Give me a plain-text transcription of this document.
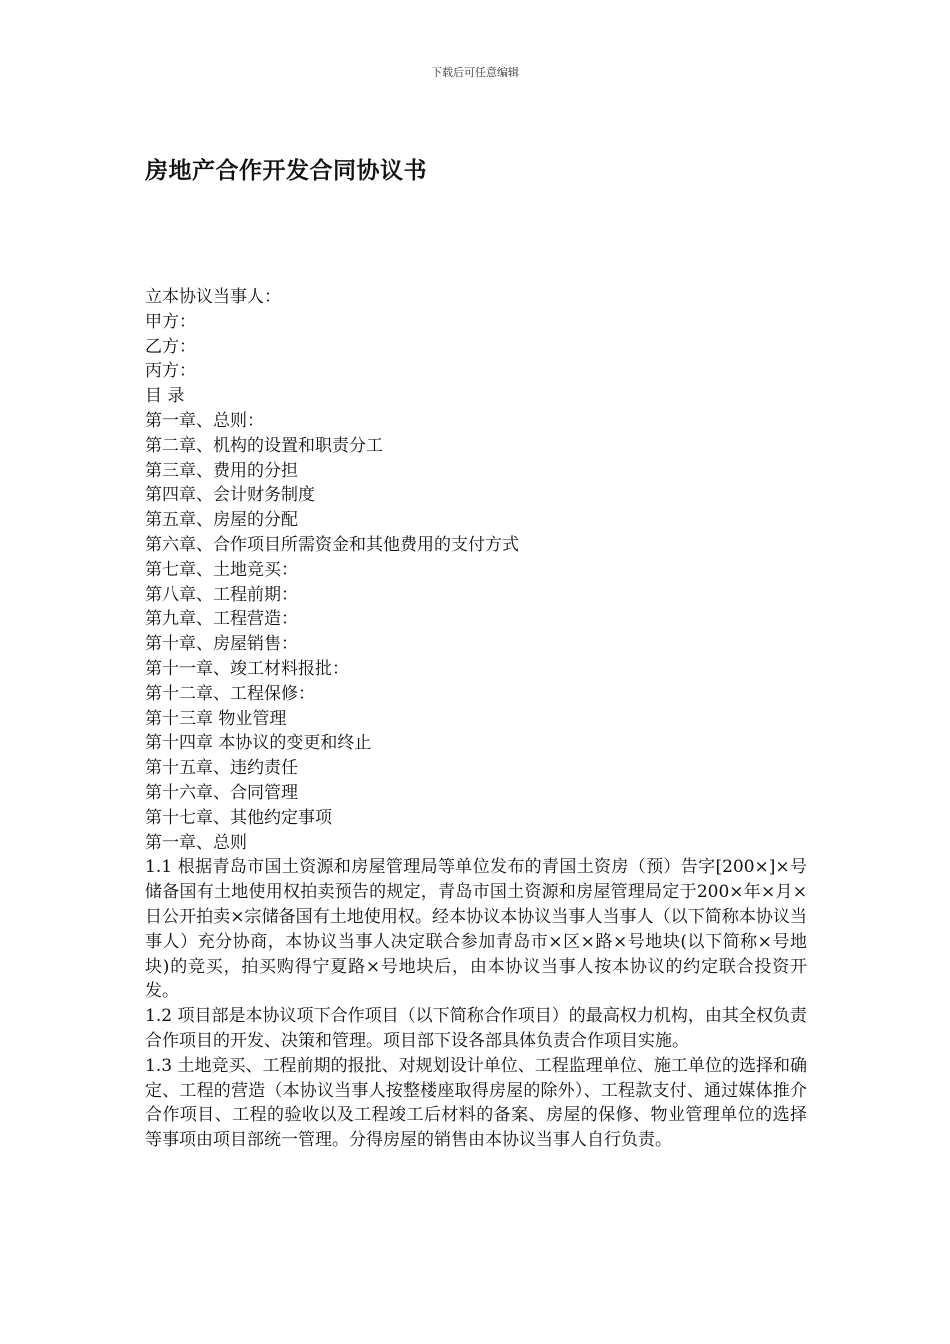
下载后可任意编辑
房地产合作开发合同协议书
立本协议当事人：
甲方：
乙方：
丙方：
目 录
第一章、总则：
第二章、机构的设置和职责分工
第三章、费用的分担
第四章、会计财务制度
第五章、房屋的分配
第六章、合作项目所需资金和其他费用的支付方式
第七章、土地竞买：
第八章、工程前期：
第九章、工程营造：
第十章、房屋销售：
第十一章、竣工材料报批：
第十二章、工程保修：
第十三章 物业管理
第十四章 本协议的变更和终止
第十五章、违约责任
第十六章、合同管理
第十七章、其他约定事项
第一章、总则

1.1 根据青岛市国土资源和房屋管理局等单位发布的青国土资房（预）告字[200×]×号储备国有土地使用权拍卖预告的规定，青岛市国土资源和房屋管理局定于200×年×月×日公开拍卖×宗储备国有土地使用权。经本协议本协议当事人当事人（以下简称本协议当事人）充分协商，本协议当事人决定联合参加青岛市×区×路×号地块(以下简称×号地块)的竞买，拍买购得宁夏路×号地块后，由本协议当事人按本协议的约定联合投资开发。

1.2 项目部是本协议项下合作项目（以下简称合作项目）的最高权力机构，由其全权负责合作项目的开发、决策和管理。项目部下设各部具体负责合作项目实施。

1.3 土地竞买、工程前期的报批、对规划设计单位、工程监理单位、施工单位的选择和确定、工程的营造（本协议当事人按整楼座取得房屋的除外）、工程款支付、通过媒体推介合作项目、工程的验收以及工程竣工后材料的备案、房屋的保修、物业管理单位的选择等事项由项目部统一管理。分得房屋的销售由本协议当事人自行负责。
